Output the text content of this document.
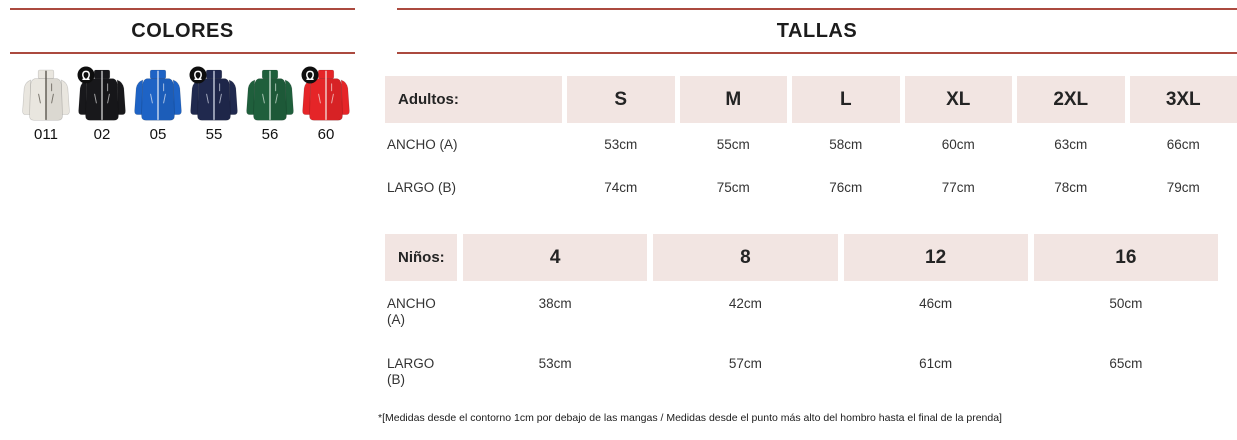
COLORES
011	02	05	55	56	60
TALLAS
Adultos:	S	M	L	XL	2XL	3XL
ANCHO (A)	53cm	55cm	58cm	60cm	63cm	66cm
LARGO (B)	74cm	75cm	76cm	77cm	78cm	79cm
Niños:	4	8	12	16
ANCHO
(A)
38cm	42cm	46cm	50cm
LARGO
(B)
53cm	57cm	61cm	65cm
*[Medidas desde el contorno 1cm por debajo de las mangas / Medidas desde el punto más alto del hombro hasta el final de la prenda]
